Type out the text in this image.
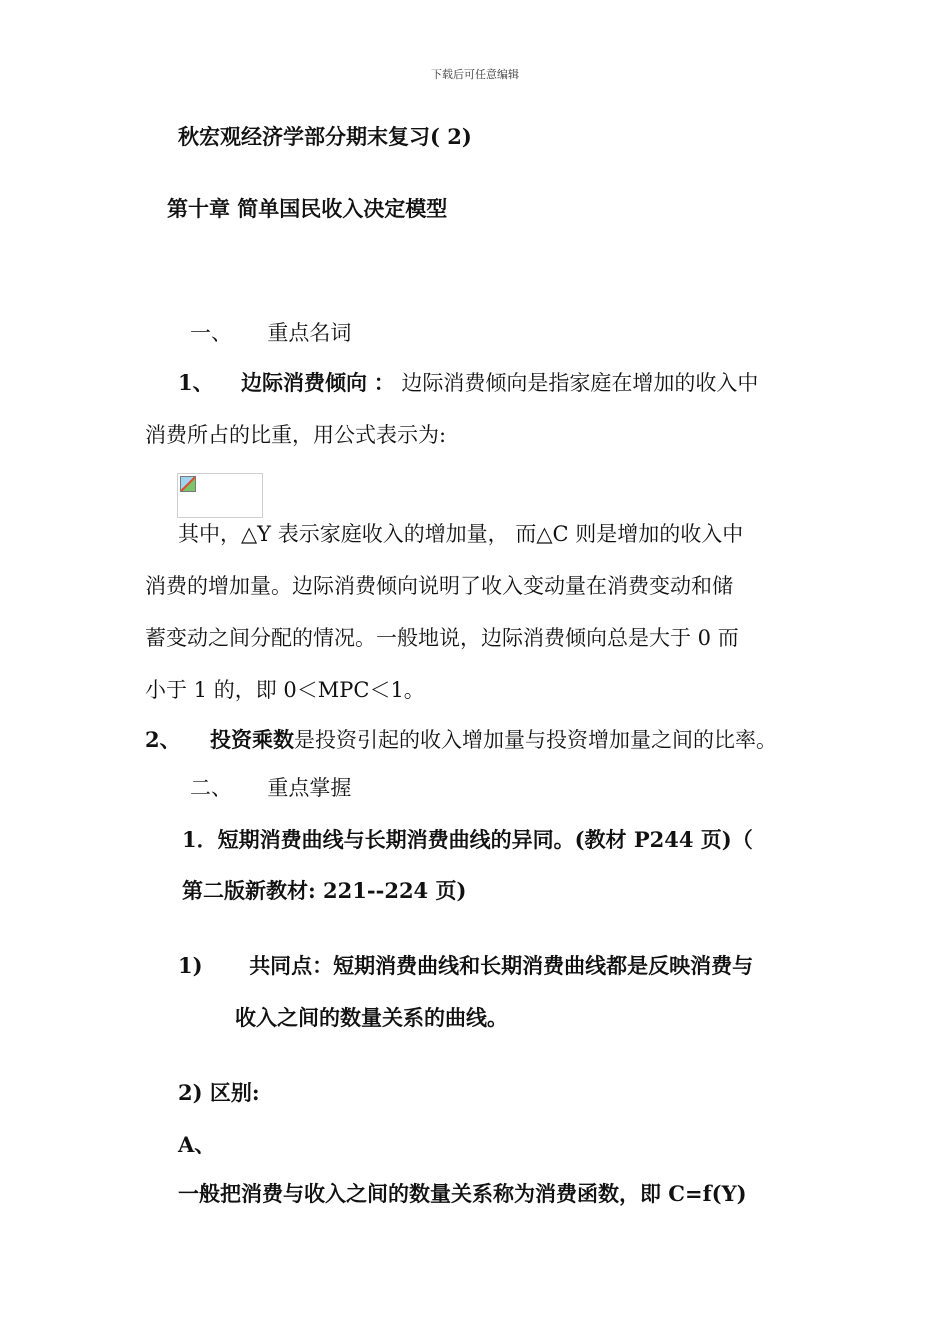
下载后可任意编辑
秋宏观经济学部分期末复习( 2)
第十章 简单国民收入决定模型
一、 重点名词
1、 边际消费倾向 ： 边际消费倾向是指家庭在增加的收入中
消费所占的比重，用公式表示为:
其中，△Y 表示家庭收入的增加量， 而△C 则是增加的收入中
消费的增加量。边际消费倾向说明了收入变动量在消费变动和储
蓄变动之间分配的情况。一般地说，边际消费倾向总是大于 0 而
小于 1 的，即 0＜MPC＜1。
2、 投资乘数是投资引起的收入增加量与投资增加量之间的比率。
二、 重点掌握
1．短期消费曲线与长期消费曲线的异同。(教材 P244 页)（
第二版新教材: 221--224 页)
1) 共同点：短期消费曲线和长期消费曲线都是反映消费与
收入之间的数量关系的曲线。
2) 区别:
A、
一般把消费与收入之间的数量关系称为消费函数，即 C=f(Y)
